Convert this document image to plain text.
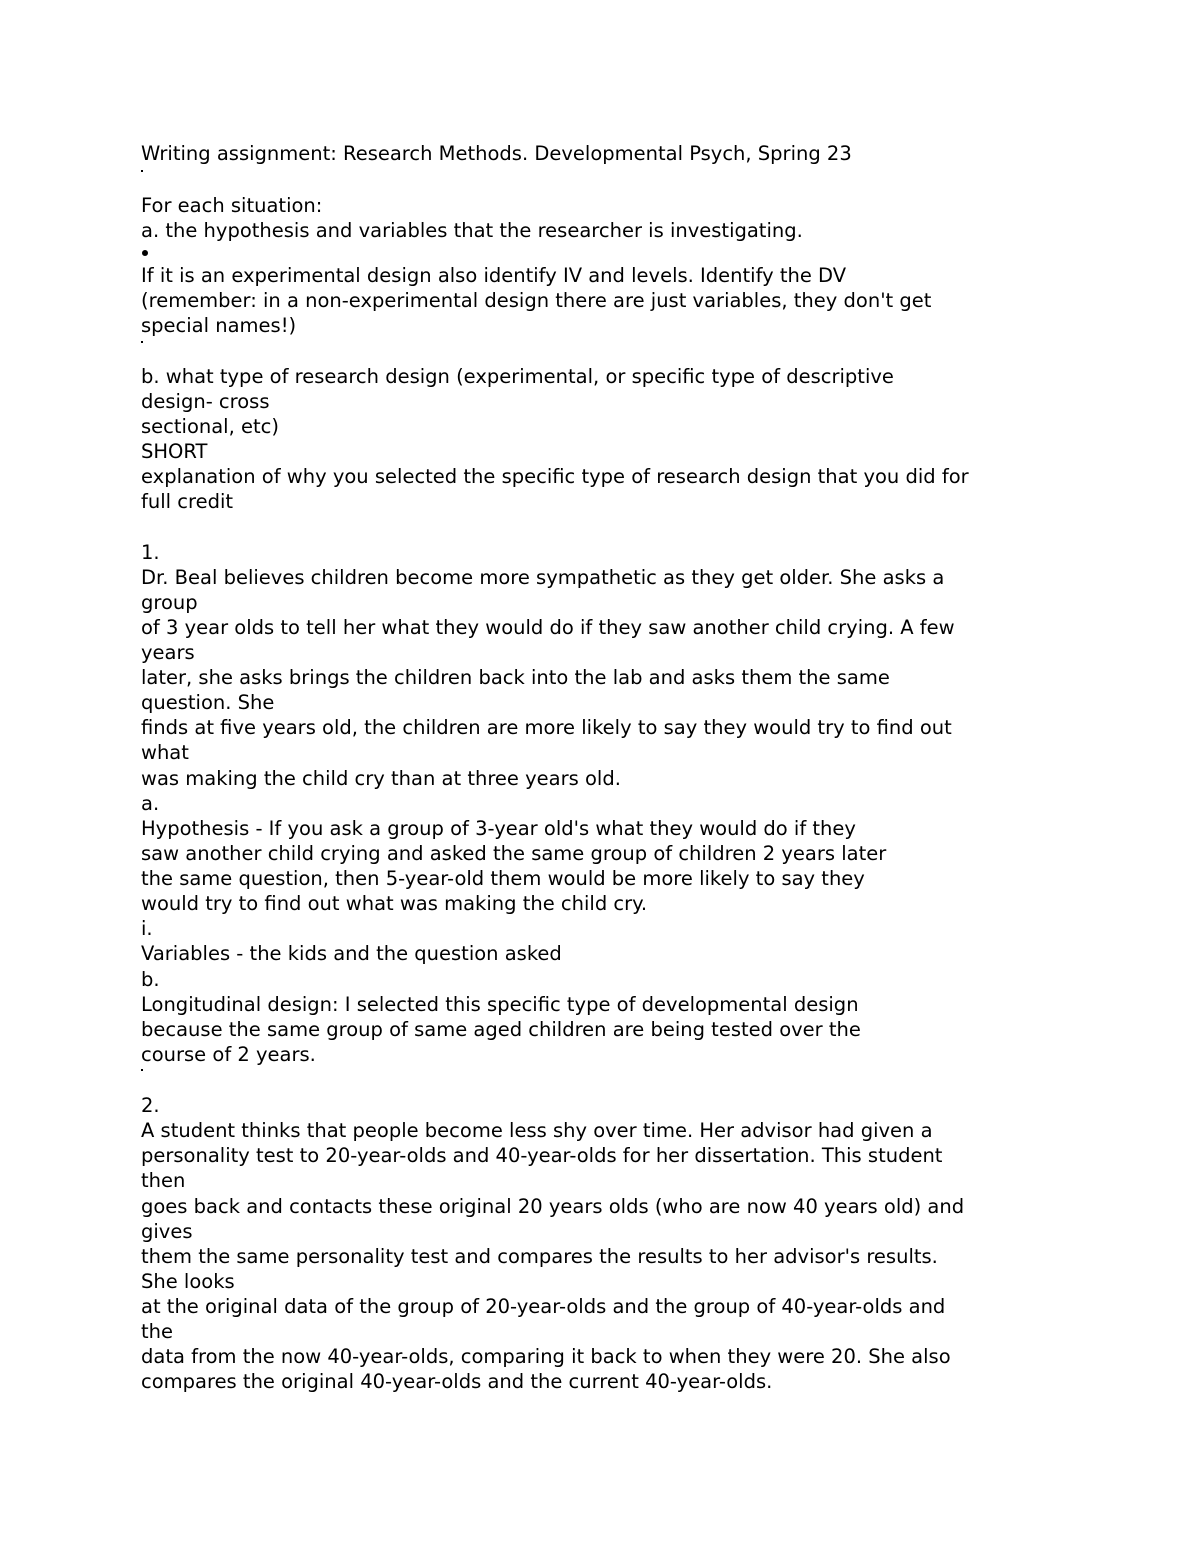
Writing assignment: Research Methods. Developmental Psych, Spring 23
For each situation:
a. the hypothesis and variables that the researcher is investigating.
If it is an experimental design also identify IV and levels. Identify the DV
(remember: in a non-experimental design there are just variables, they don't get
special names!)
b. what type of research design (experimental, or specific type of descriptive
design- cross
sectional, etc)
SHORT
explanation of why you selected the specific type of research design that you did for
full credit
1.
Dr. Beal believes children become more sympathetic as they get older. She asks a
group
of 3 year olds to tell her what they would do if they saw another child crying. A few
years
later, she asks brings the children back into the lab and asks them the same
question. She
finds at five years old, the children are more likely to say they would try to find out
what
was making the child cry than at three years old.
a.
Hypothesis - If you ask a group of 3-year old's what they would do if they
saw another child crying and asked the same group of children 2 years later
the same question, then 5-year-old them would be more likely to say they
would try to find out what was making the child cry.
i.
Variables - the kids and the question asked
b.
Longitudinal design: I selected this specific type of developmental design
because the same group of same aged children are being tested over the
course of 2 years.
2.
A student thinks that people become less shy over time. Her advisor had given a
personality test to 20-year-olds and 40-year-olds for her dissertation. This student
then
goes back and contacts these original 20 years olds (who are now 40 years old) and
gives
them the same personality test and compares the results to her advisor's results.
She looks
at the original data of the group of 20-year-olds and the group of 40-year-olds and
the
data from the now 40-year-olds, comparing it back to when they were 20. She also
compares the original 40-year-olds and the current 40-year-olds.
